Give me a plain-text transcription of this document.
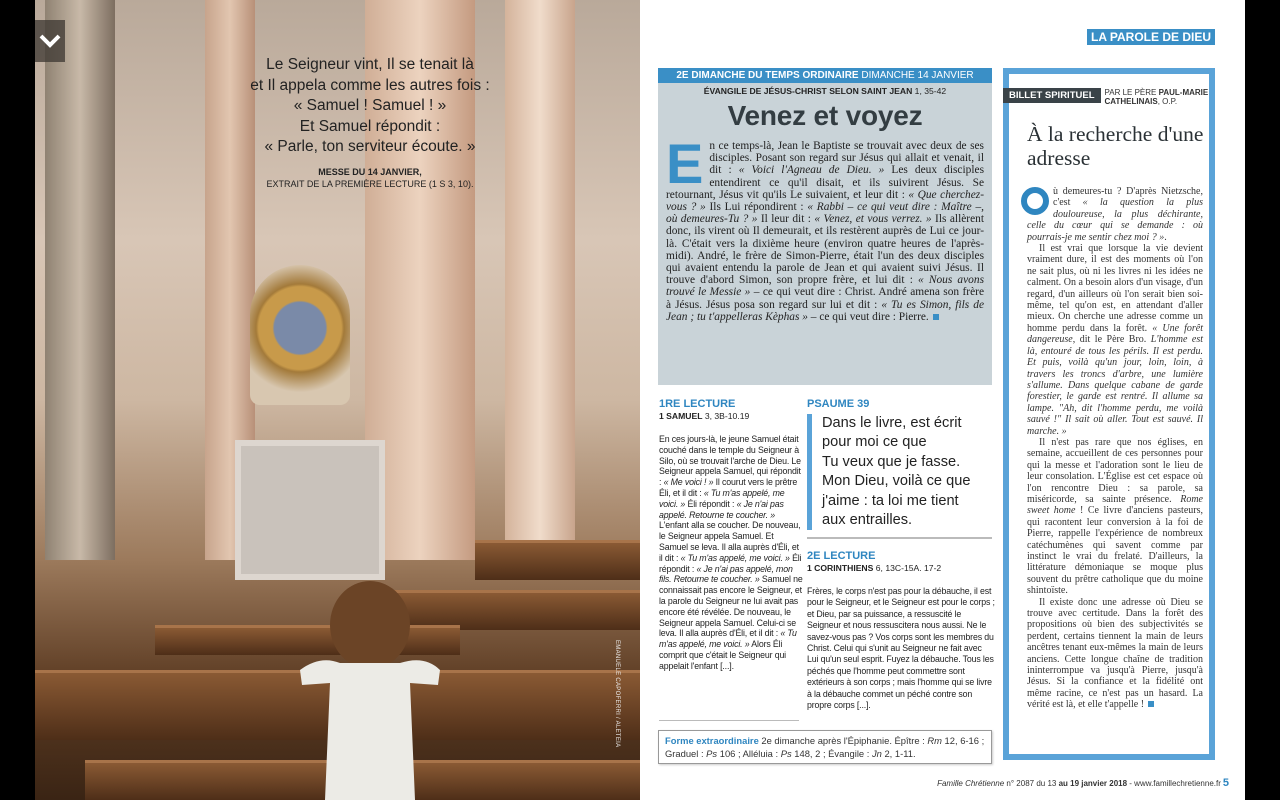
Le Seigneur vint, Il se tenait là
et Il appela comme les autres fois :
« Samuel ! Samuel ! »
Et Samuel répondit :
« Parle, ton serviteur écoute. »
MESSE DU 14 JANVIER,
EXTRAIT DE LA PREMIÈRE LECTURE (1 S 3, 10).
EMANUELE CAPOFERRI / ALETEIA
LA PAROLE DE DIEU
2E DIMANCHE DU TEMPS ORDINAIRE DIMANCHE 14 JANVIER
ÉVANGILE DE JÉSUS-CHRIST SELON SAINT JEAN 1, 35-42
Venez et voyez
En ce temps-là, Jean le Baptiste se trouvait avec deux de ses disciples. Posant son regard sur Jésus qui allait et venait, il dit : « Voici l'Agneau de Dieu. » Les deux disciples entendirent ce qu'il disait, et ils suivirent Jésus. Se retournant, Jésus vit qu'ils Le suivaient, et leur dit : « Que cherchez-vous ? » Ils Lui répondirent : « Rabbi – ce qui veut dire : Maître –, où demeures-Tu ? » Il leur dit : « Venez, et vous verrez. » Ils allèrent donc, ils virent où Il demeurait, et ils restèrent auprès de Lui ce jour-là. C'était vers la dixième heure (environ quatre heures de l'après-midi). André, le frère de Simon-Pierre, était l'un des deux disciples qui avaient entendu la parole de Jean et qui avaient suivi Jésus. Il trouve d'abord Simon, son propre frère, et lui dit : « Nous avons trouvé le Messie » – ce qui veut dire : Christ. André amena son frère à Jésus. Jésus posa son regard sur lui et dit : « Tu es Simon, fils de Jean ; tu t'appelleras Kèphas » – ce qui veut dire : Pierre.
1RE LECTURE
1 SAMUEL 3, 3B-10.19
En ces jours-là, le jeune Samuel était couché dans le temple du Seigneur à Silo, où se trouvait l'arche de Dieu. Le Seigneur appela Samuel, qui répondit : « Me voici ! » Il courut vers le prêtre Éli, et il dit : « Tu m'as appelé, me voici. » Éli répondit : « Je n'ai pas appelé. Retourne te coucher. » L'enfant alla se coucher. De nouveau, le Seigneur appela Samuel. Et Samuel se leva. Il alla auprès d'Éli, et il dit : « Tu m'as appelé, me voici. » Éli répondit : « Je n'ai pas appelé, mon fils. Retourne te coucher. » Samuel ne connaissait pas encore le Seigneur, et la parole du Seigneur ne lui avait pas encore été révélée. De nouveau, le Seigneur appela Samuel. Celui-ci se leva. Il alla auprès d'Éli, et il dit : « Tu m'as appelé, me voici. » Alors Éli comprit que c'était le Seigneur qui appelait l'enfant [...].
PSAUME 39
Dans le livre, est écrit
pour moi ce que
Tu veux que je fasse.
Mon Dieu, voilà ce que
j'aime : ta loi me tient
aux entrailles.
2E LECTURE
1 CORINTHIENS 6, 13C-15A. 17-2
Frères, le corps n'est pas pour la débauche, il est pour le Seigneur, et le Seigneur est pour le corps ; et Dieu, par sa puissance, a ressuscité le Seigneur et nous ressuscitera nous aussi. Ne le savez-vous pas ? Vos corps sont les membres du Christ. Celui qui s'unit au Seigneur ne fait avec Lui qu'un seul esprit. Fuyez la débauche. Tous les péchés que l'homme peut commettre sont extérieurs à son corps ; mais l'homme qui se livre à la débauche commet un péché contre son propre corps [...].
Forme extraordinaire 2e dimanche après l'Épiphanie. Épître : Rm 12, 6-16 ; Graduel : Ps 106 ; Alléluia : Ps 148, 2 ; Évangile : Jn 2, 1-11.
BILLET SPIRITUEL	PAR LE PÈRE PAUL-MARIE CATHELINAIS, O.P.
À la recherche d'une adresse

ù demeures-tu ? D'après Nietzsche, c'est « la question la plus douloureuse, la plus déchirante, celle du cœur qui se demande : où pourrais-je me sentir chez moi ? ».

Il est vrai que lorsque la vie devient vraiment dure, il est des moments où l'on ne sait plus, où ni les livres ni les idées ne calment. On a besoin alors d'un visage, d'un regard, d'un ailleurs où l'on serait bien soi-même, tel qu'on est, en attendant d'aller mieux. On cherche une adresse comme un homme perdu dans la forêt. « Une forêt dangereuse, dit le Père Bro. L'homme est là, entouré de tous les périls. Il est perdu. Et puis, voilà qu'un jour, loin, loin, à travers les troncs d'arbre, une lumière s'allume. Dans quelque cabane de garde forestier, le garde est rentré. Il allume sa lampe. "Ah, dit l'homme perdu, me voilà sauvé !" Il sait où aller. Tout est sauvé. Il marche. »

Il n'est pas rare que nos églises, en semaine, accueillent de ces personnes pour qui la messe et l'adoration sont le lieu de leur consolation. L'Église est cet espace où l'on rencontre Dieu : sa parole, sa miséricorde, sa sainte présence. Rome sweet home ! Ce livre d'anciens pasteurs, qui racontent leur conversion à la foi de Pierre, rappelle l'expérience de nombreux catéchumènes qui savent comme par instinct le vrai du frelaté. D'ailleurs, la littérature démoniaque se moque plus souvent du prêtre catholique que du moine shintoïste.

Il existe donc une adresse où Dieu se trouve avec certitude. Dans la forêt des propositions où bien des subjectivités se perdent, certains tiennent la main de leurs ancêtres tenant eux-mêmes la main de leurs anciens. Cette longue chaîne de tradition ininterrompue va jusqu'à Pierre, jusqu'à Jésus. Si la confiance et la fidélité ont même racine, ce n'est pas un hasard. La vérité est là, et elle t'appelle !

Famille Chrétienne n° 2087 du 13 au 19 janvier 2018 - www.famillechretienne.fr 5
